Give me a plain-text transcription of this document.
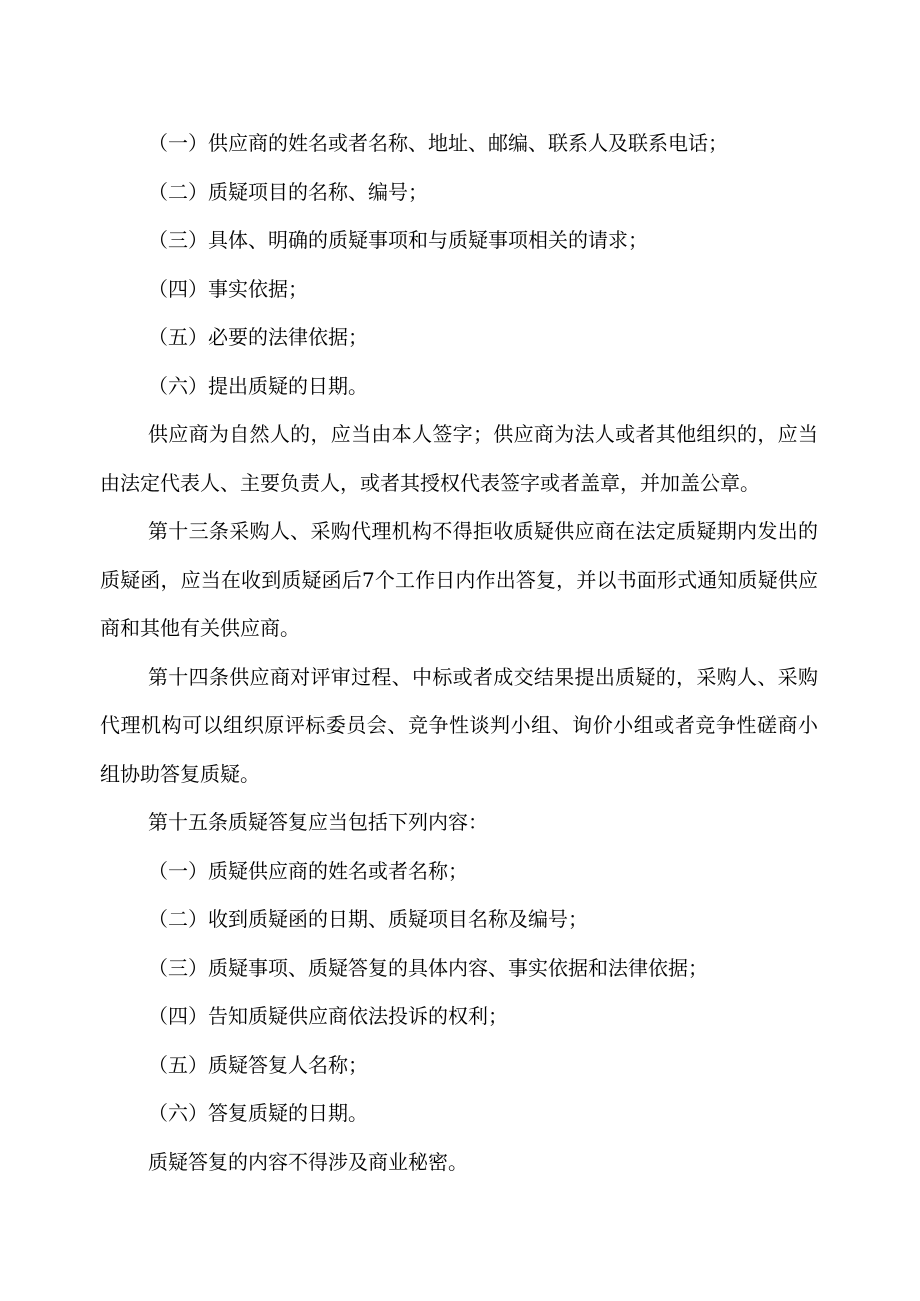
（一）供应商的姓名或者名称、地址、邮编、联系人及联系电话；
（二）质疑项目的名称、编号；
（三）具体、明确的质疑事项和与质疑事项相关的请求；
（四）事实依据；
（五）必要的法律依据；
（六）提出质疑的日期。
供应商为自然人的，应当由本人签字；供应商为法人或者其他组织的，应当
由法定代表人、主要负责人，或者其授权代表签字或者盖章，并加盖公章。
第十三条采购人、采购代理机构不得拒收质疑供应商在法定质疑期内发出的
质疑函，应当在收到质疑函后7个工作日内作出答复，并以书面形式通知质疑供应
商和其他有关供应商。
第十四条供应商对评审过程、中标或者成交结果提出质疑的，采购人、采购
代理机构可以组织原评标委员会、竞争性谈判小组、询价小组或者竞争性磋商小
组协助答复质疑。
第十五条质疑答复应当包括下列内容：
（一）质疑供应商的姓名或者名称；
（二）收到质疑函的日期、质疑项目名称及编号；
（三）质疑事项、质疑答复的具体内容、事实依据和法律依据；
（四）告知质疑供应商依法投诉的权利；
（五）质疑答复人名称；
（六）答复质疑的日期。
质疑答复的内容不得涉及商业秘密。
